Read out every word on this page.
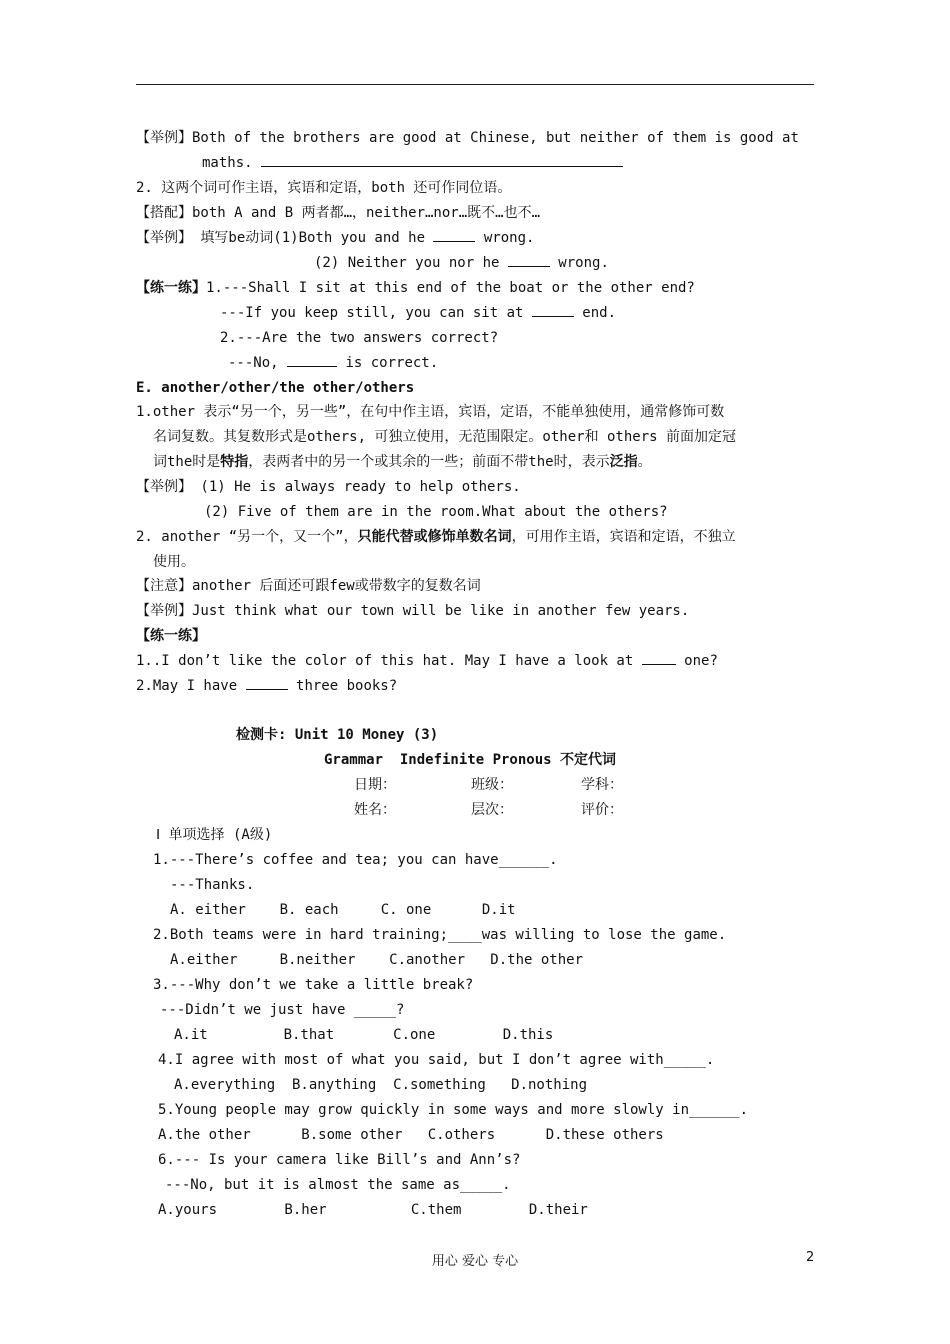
【举例】Both of the brothers are good at Chinese, but neither of them is good at
maths.
2. 这两个词可作主语，宾语和定语，both 还可作同位语。
【搭配】both A and B 两者都…，neither…nor…既不…也不…
【举例】 填写be动词(1)Both you and he	wrong.
(2) Neither you nor he	wrong.
【练一练】1.---Shall I sit at this end of the boat or the other end?
---If you keep still, you can sit at	end.
2.---Are the two answers correct?
---No,	is correct.
E. another/other/the other/others
1.other 表示“另一个，另一些”，在句中作主语，宾语，定语，不能单独使用，通常修饰可数
名词复数。其复数形式是others, 可独立使用，无范围限定。other和 others 前面加定冠
词the时是特指，表两者中的另一个或其余的一些；前面不带the时，表示泛指。
【举例】 (1) He is always ready to help others.
(2) Five of them are in the room.What about the others?
2. another “另一个，又一个”，只能代替或修饰单数名词，可用作主语，宾语和定语，不独立
使用。
【注意】another 后面还可跟few或带数字的复数名词
【举例】Just think what our town will be like in another few years.
【练一练】
1..I don’t like the color of this hat. May I have a look at	one?
2.May I have	three books?
检测卡: Unit 10 Money (3)
Grammar  Indefinite Pronous 不定代词
日期：	班级：	学科：
姓名：	层次：	评价：
Ⅰ 单项选择 (A级)
1.---There’s coffee and tea; you can have______.
---Thanks.
A. either    B. each     C. one      D.it
2.Both teams were in hard training;____was willing to lose the game.
A.either     B.neither    C.another   D.the other
3.---Why don’t we take a little break?
---Didn’t we just have _____?
A.it         B.that       C.one        D.this
4.I agree with most of what you said, but I don’t agree with_____.
A.everything  B.anything  C.something   D.nothing
5.Young people may grow quickly in some ways and more slowly in______.
A.the other      B.some other   C.others      D.these others
6.--- Is your camera like Bill’s and Ann’s?
---No, but it is almost the same as_____.
A.yours        B.her          C.them        D.their
用心 爱心 专心	2
